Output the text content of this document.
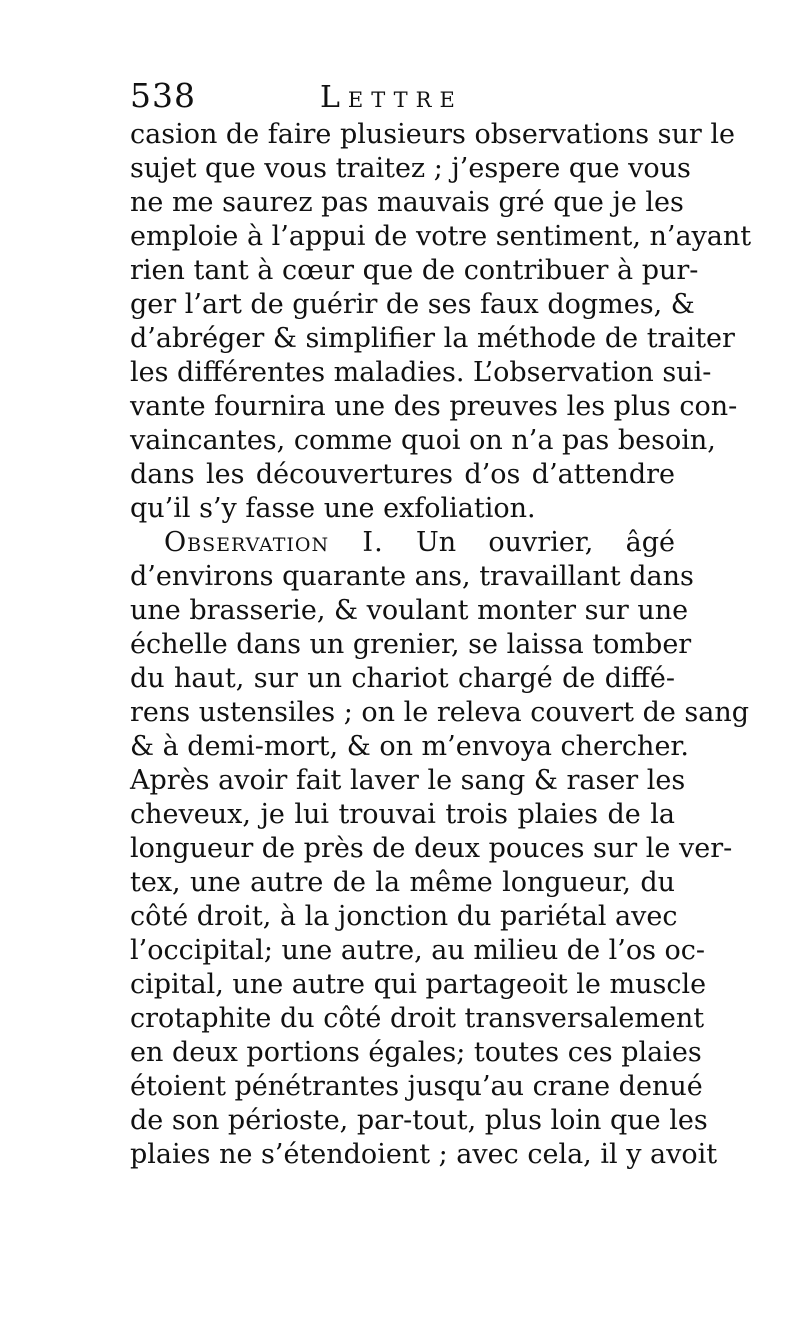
538	Lettre
casion de faire plusieurs observations sur le
sujet que vous traitez ; j’espere que vous
ne me saurez pas mauvais gré que je les
emploie à l’appui de votre sentiment, n’ayant
rien tant à cœur que de contribuer à pur-
ger l’art de guérir de ses faux dogmes, &
d’abréger & simplifier la méthode de traiter
les différentes maladies. L’observation sui-
vante fournira une des preuves les plus con-
vaincantes, comme quoi on n’a pas besoin,
dans les découvertures d’os d’attendre
qu’il s’y fasse une exfoliation.
Observation I. Un ouvrier, âgé
d’environs quarante ans, travaillant dans
une brasserie, & voulant monter sur une
échelle dans un grenier, se laissa tomber
du haut, sur un chariot chargé de diffé-
rens ustensiles ; on le releva couvert de sang
& à demi-mort, & on m’envoya chercher.
Après avoir fait laver le sang & raser les
cheveux, je lui trouvai trois plaies de la
longueur de près de deux pouces sur le ver-
tex, une autre de la même longueur, du
côté droit, à la jonction du pariétal avec
l’occipital; une autre, au milieu de l’os oc-
cipital, une autre qui partageoit le muscle
crotaphite du côté droit transversalement
en deux portions égales; toutes ces plaies
étoient pénétrantes jusqu’au crane denué
de son périoste, par-tout, plus loin que les
plaies ne s’étendoient ; avec cela, il y avoit
